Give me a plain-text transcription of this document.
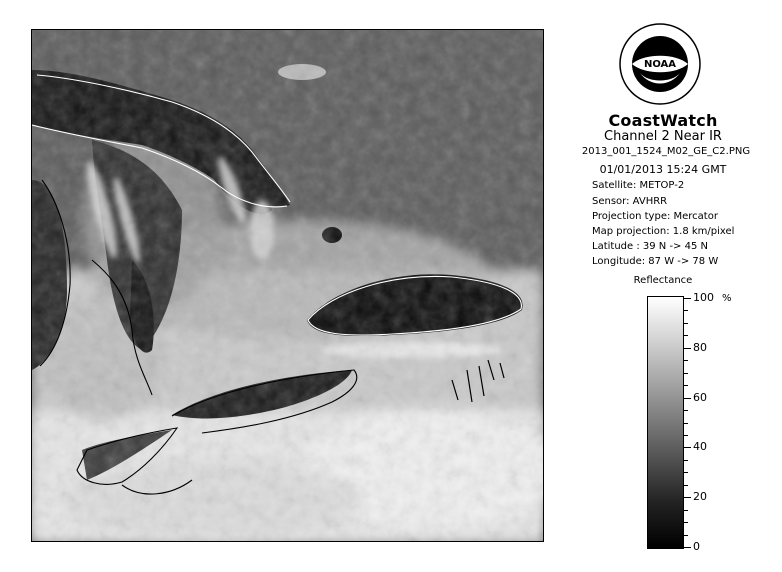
NOAA
CoastWatch
Channel 2 Near IR
2013_001_1524_M02_GE_C2.PNG
01/01/2013 15:24 GMT
Satellite: METOP-2
Sensor: AVHRR
Projection type: Mercator
Map projection: 1.8 km/pixel
Latitude : 39 N -> 45 N
Longitude: 87 W -> 78 W
Reflectance
%
100
80
60
40
20
0
